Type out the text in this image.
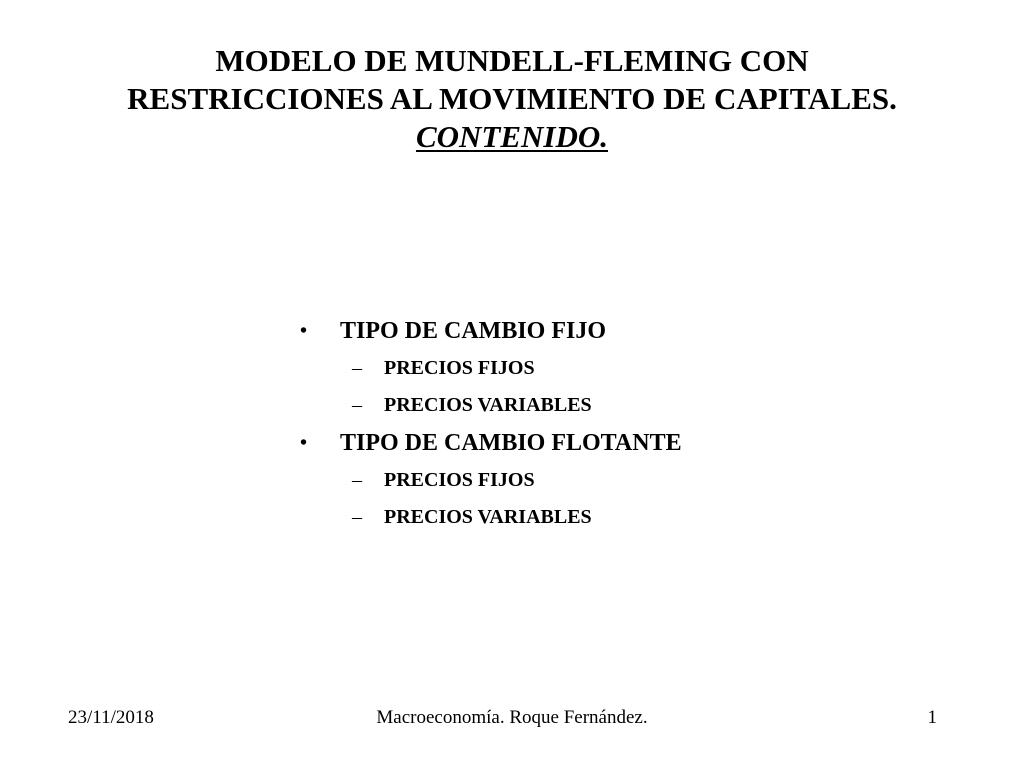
MODELO DE MUNDELL-FLEMING CON
RESTRICCIONES AL MOVIMIENTO DE CAPITALES.
CONTENIDO.
• TIPO DE CAMBIO FIJO
– PRECIOS FIJOS
– PRECIOS VARIABLES
• TIPO DE CAMBIO FLOTANTE
– PRECIOS FIJOS
– PRECIOS VARIABLES
23/11/2018	Macroeconomía. Roque Fernández.	1
